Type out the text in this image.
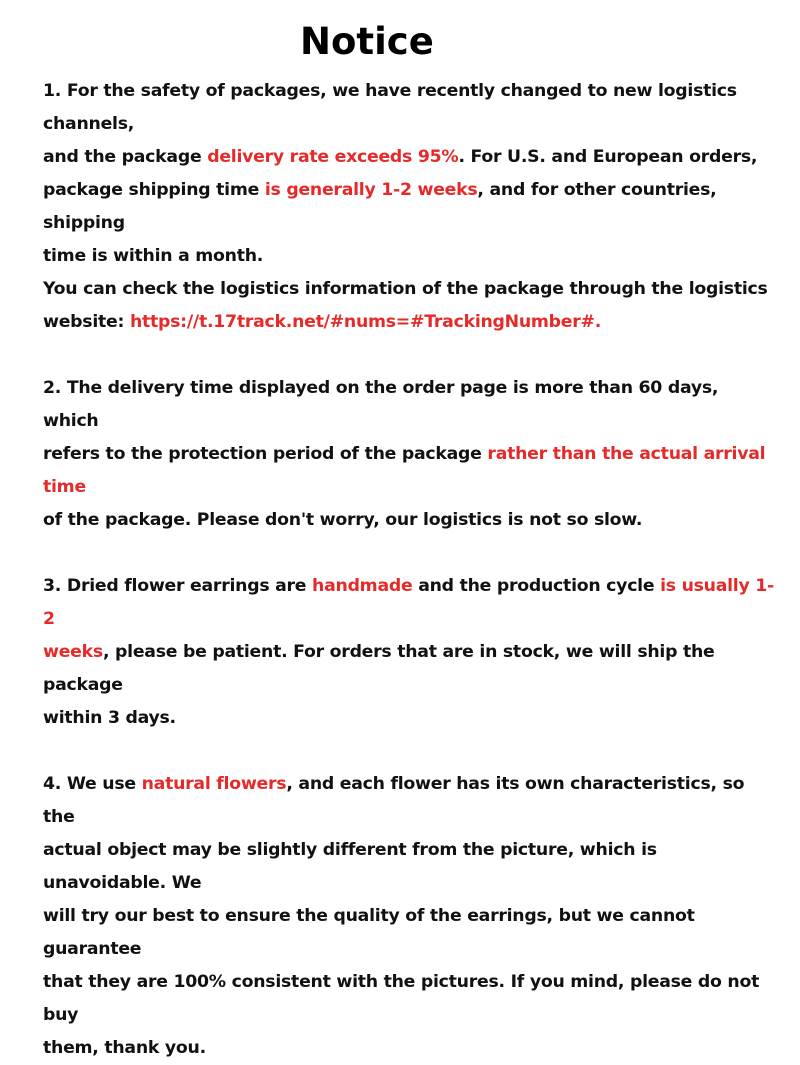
Notice
1. For the safety of packages, we have recently changed to new logistics channels,
and the package delivery rate exceeds 95%. For U.S. and European orders,
package shipping time is generally 1-2 weeks, and for other countries, shipping
time is within a month.
You can check the logistics information of the package through the logistics
website: https://t.17track.net/#nums=#TrackingNumber#.
2. The delivery time displayed on the order page is more than 60 days, which
refers to the protection period of the package rather than the actual arrival time
of the package. Please don't worry, our logistics is not so slow.
3. Dried flower earrings are handmade and the production cycle is usually 1-2
weeks, please be patient. For orders that are in stock, we will ship the package
within 3 days.
4. We use natural flowers, and each flower has its own characteristics, so the
actual object may be slightly different from the picture, which is unavoidable. We
will try our best to ensure the quality of the earrings, but we cannot guarantee
that they are 100% consistent with the pictures. If you mind, please do not buy
them, thank you.
